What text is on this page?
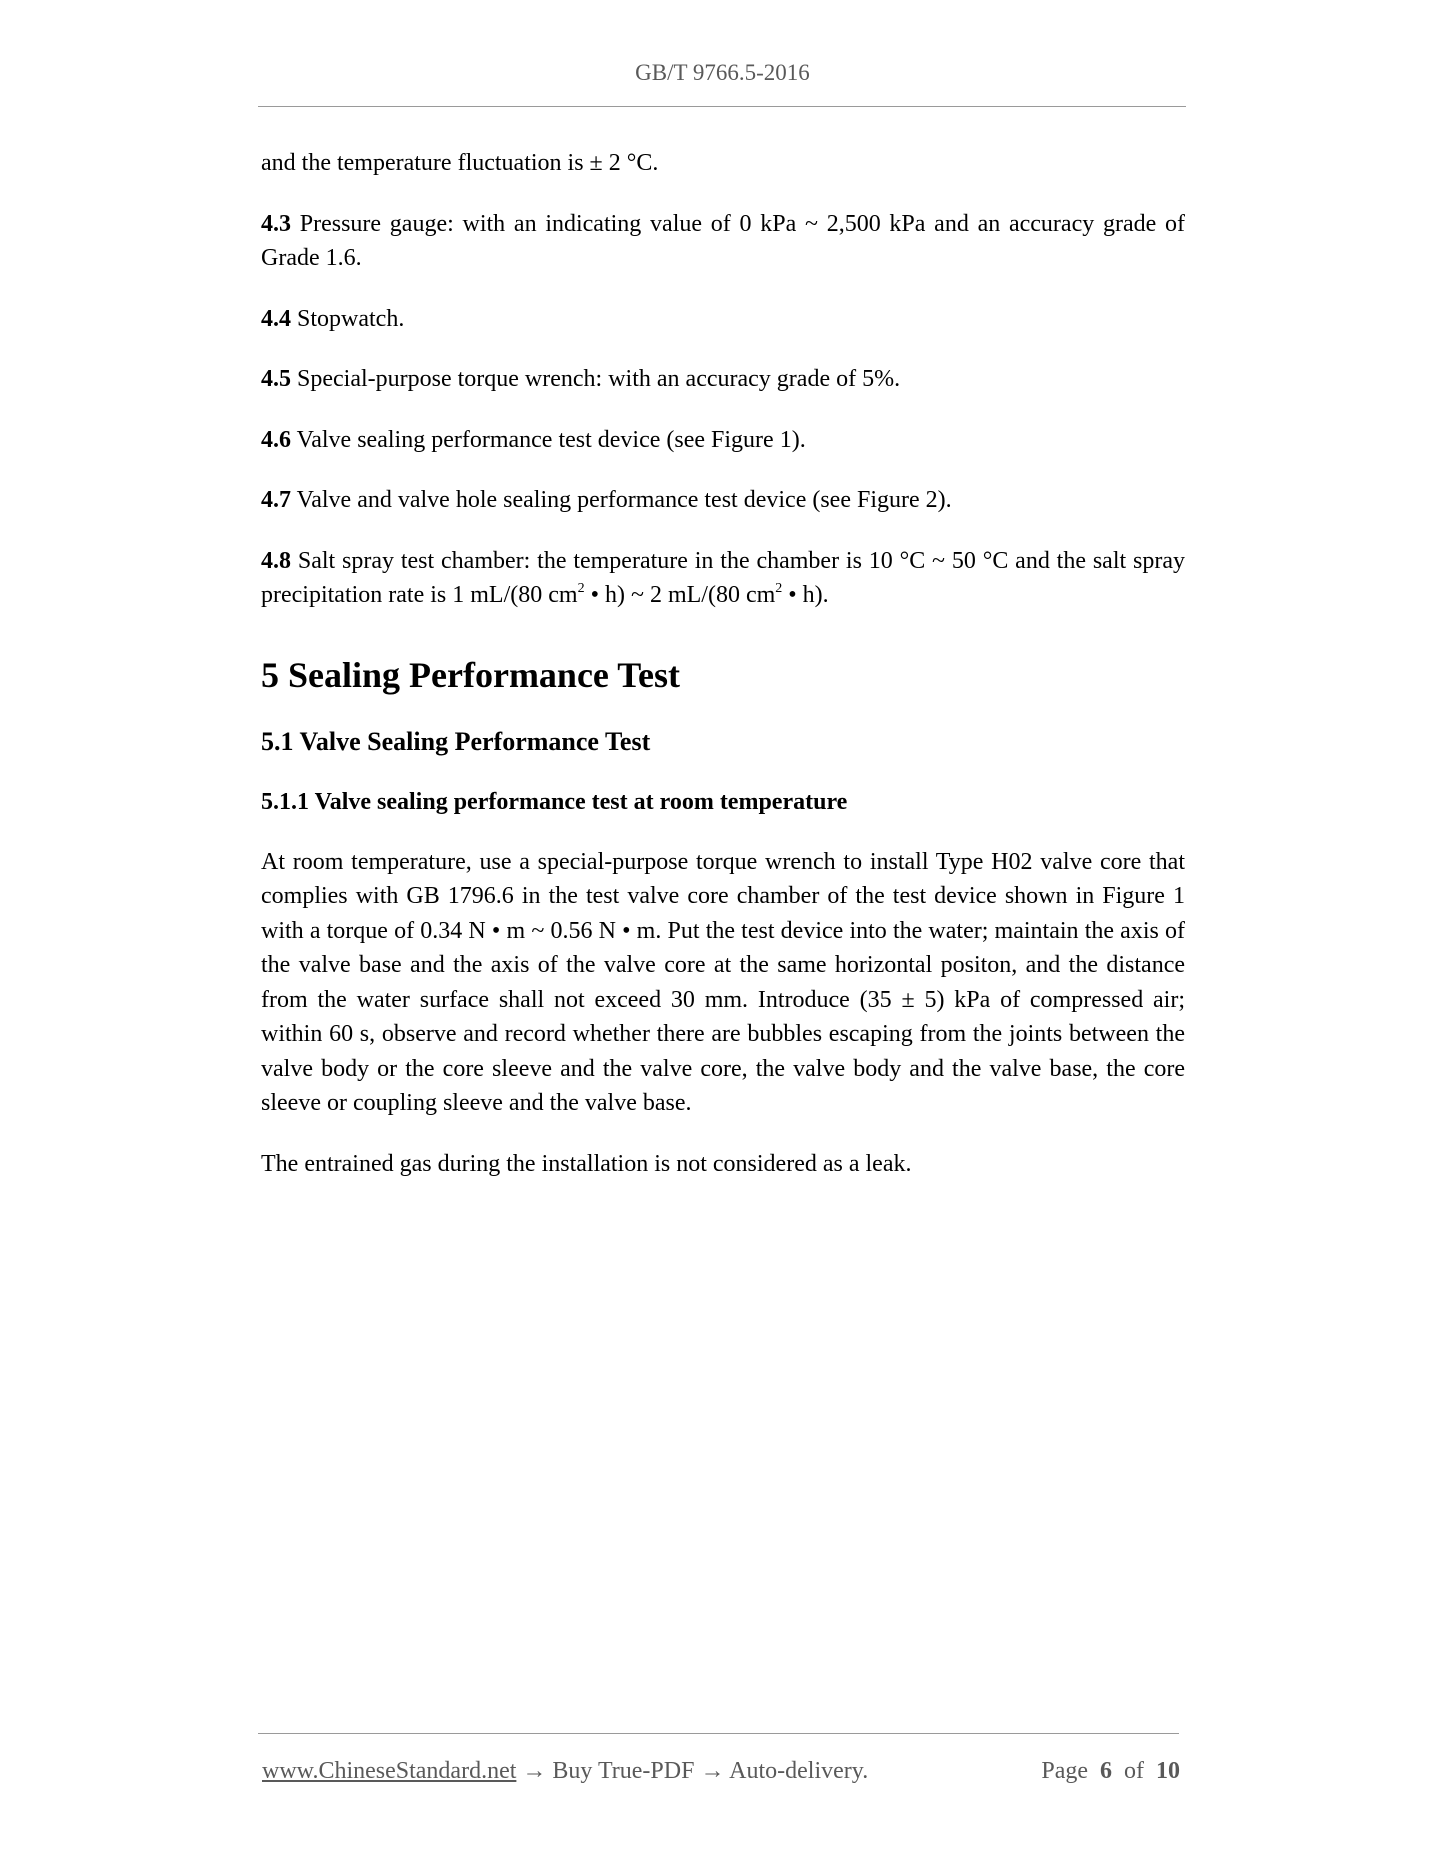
GB/T 9766.5-2016

and the temperature fluctuation is ± 2 °C.

4.3 Pressure gauge: with an indicating value of 0 kPa ~ 2,500 kPa and an accuracy grade of Grade 1.6.

4.4 Stopwatch.

4.5 Special-purpose torque wrench: with an accuracy grade of 5%.

4.6 Valve sealing performance test device (see Figure 1).

4.7 Valve and valve hole sealing performance test device (see Figure 2).

4.8 Salt spray test chamber: the temperature in the chamber is 10 °C ~ 50 °C and the salt spray precipitation rate is 1 mL/(80 $cm^2$ • h) ~ 2 mL/(80 $cm^2$ • h).

5 Sealing Performance Test
5.1 Valve Sealing Performance Test
5.1.1 Valve sealing performance test at room temperature

At room temperature, use a special-purpose torque wrench to install Type H02 valve core that complies with GB 1796.6 in the test valve core chamber of the test device shown in Figure 1 with a torque of 0.34 N • m ~ 0.56 N • m. Put the test device into the water; maintain the axis of the valve base and the axis of the valve core at the same horizontal positon, and the distance from the water surface shall not exceed 30 mm. Introduce (35 ± 5) kPa of compressed air; within 60 s, observe and record whether there are bubbles escaping from the joints between the valve body or the core sleeve and the valve core, the valve body and the valve base, the core sleeve or coupling sleeve and the valve base.

The entrained gas during the installation is not considered as a leak.

www.ChineseStandard.net → Buy True-PDF → Auto-delivery.	Page 6 of 10
